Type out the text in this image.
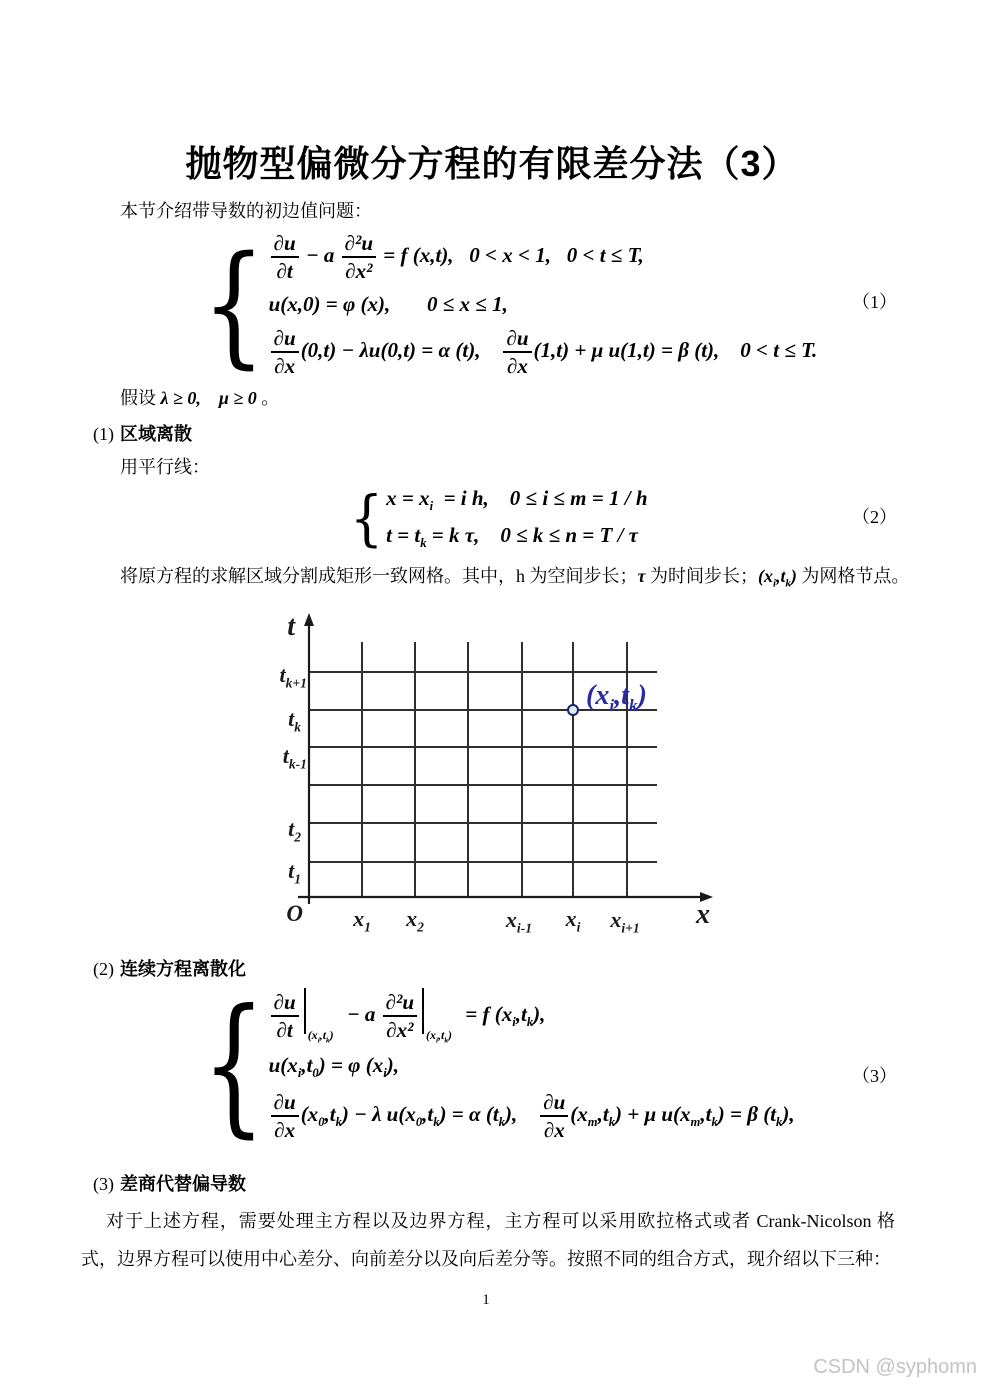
抛物型偏微分方程的有限差分法（3）
本节介绍带导数的初边值问题：
{ $\frac{\partial u}{\partial t} - a \frac{\text{∂²u}}{\text{∂x²}} = f$ (x,t),   0 < x < 1,   0 < t ≤ T,
u(x,0) = φ (x),       0 ≤ x ≤ 1,
$\frac{\partial u}{\partial x} (0,t) - \lambda u(0,t) = \alpha$ (t), $\frac{\partial u}{\partial x} (1,t) + \mu$ u(1,t) = β (t),    0 < t ≤ T.
（1）
假设 λ ≥ 0, μ ≥ 0 。
(1) 区域离散
用平行线：
{ $x = x_i = i$ h,    0 ≤ i ≤ m = 1 / h
$t = t_k = k$ τ,    0 ≤ k ≤ n = T / τ
（2）
将原方程的求解区域分割成矩形一致网格。其中，h 为空间步长；τ 为时间步长；$(x_i,t_k)$ 为网格节点。
t
$t_{k+1}$
$t_k$
$t_{k-1}$
$t_2$
$t_1$
O $x_1$ $x_2$	$x_{i-1}$ $x_i$ $x_{i+1}$ x
$(x_i,t_k)$
(2) 连续方程离散化
{ $\frac{\partial u}{\partial t} (x_i,t_k)$
− a $\frac{\text{∂²u}}{\text{∂x²}} (x_i,t_k)$
= f $(x_i,t_k)$,
$u(x_i,t_0) = \varphi$ $(x_i)$,
$\frac{\partial u}{\partial x} (x_0,t_k) - \lambda$ $u(x_0,t_k) = \alpha$ $(t_k)$, $\frac{\partial u}{\partial x} (x_m,t_k) + \mu$ $u(x_m,t_k) = \beta$ $(t_k)$,
（3）
(3) 差商代替偏导数
对于上述方程，需要处理主方程以及边界方程，主方程可以采用欧拉格式或者 Crank-Nicolson 格式，边界方程可以使用中心差分、向前差分以及向后差分等。按照不同的组合方式，现介绍以下三种：
1
CSDN @syphomn
